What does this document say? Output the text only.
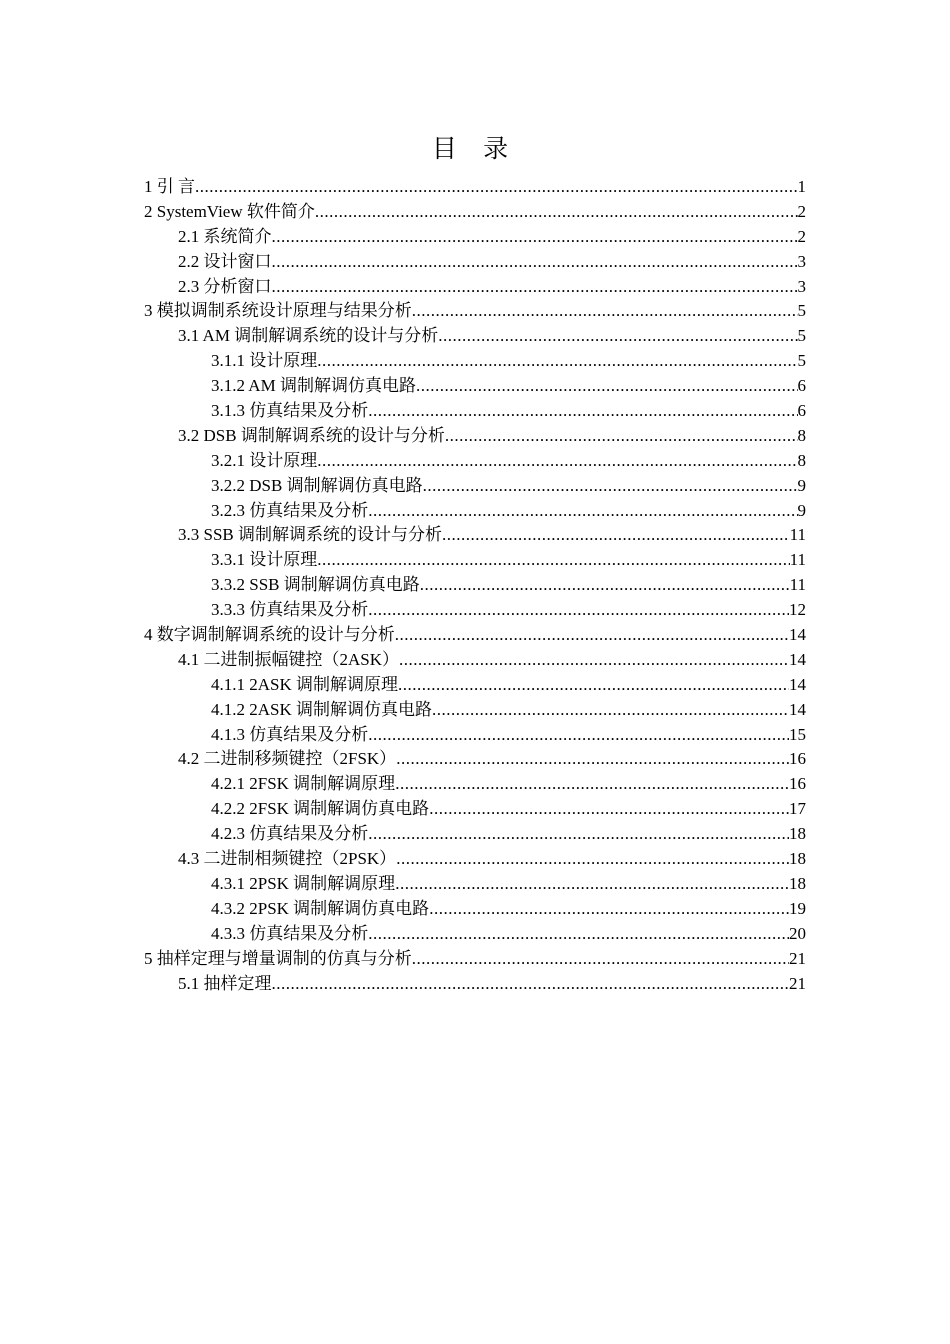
目 录
1 引 言 .....	1
2 SystemView 软件简介 .....	2
2.1 系统简介 .....	2
2.2 设计窗口 .....	3
2.3 分析窗口 .....	3
3 模拟调制系统设计原理与结果分析 .....	5
3.1 AM 调制解调系统的设计与分析 .....	5
3.1.1 设计原理 .....	5
3.1.2 AM 调制解调仿真电路 .....	6
3.1.3 仿真结果及分析 .....	6
3.2 DSB 调制解调系统的设计与分析 .....	8
3.2.1 设计原理 .....	8
3.2.2 DSB 调制解调仿真电路 .....	9
3.2.3 仿真结果及分析 .....	9
3.3 SSB 调制解调系统的设计与分析 .....	11
3.3.1 设计原理 .....	11
3.3.2 SSB 调制解调仿真电路 .....	11
3.3.3 仿真结果及分析 .....	12
4 数字调制解调系统的设计与分析 .....	14
4.1 二进制振幅键控（2ASK） .....	14
4.1.1 2ASK 调制解调原理 .....	14
4.1.2 2ASK 调制解调仿真电路 .....	14
4.1.3 仿真结果及分析 .....	15
4.2 二进制移频键控（2FSK） .....	16
4.2.1 2FSK 调制解调原理 .....	16
4.2.2 2FSK 调制解调仿真电路 .....	17
4.2.3 仿真结果及分析 .....	18
4.3 二进制相频键控（2PSK） .....	18
4.3.1 2PSK 调制解调原理 .....	18
4.3.2 2PSK 调制解调仿真电路 .....	19
4.3.3 仿真结果及分析 .....	20
5 抽样定理与增量调制的仿真与分析 .....	21
5.1 抽样定理 .....	21
